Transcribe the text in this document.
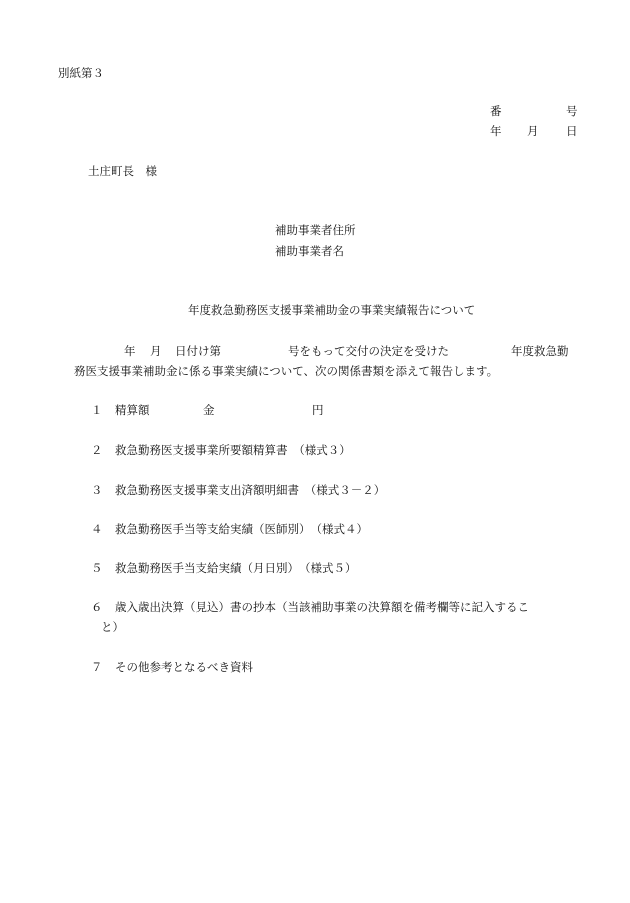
別紙第３
番	号
年 月 日
土庄町長　様
補助事業者住所
補助事業者名
年度救急勤務医支援事業補助金の事業実績報告について
年 月 日付け第	号をもって交付の決定を受けた	年度救急勤
務医支援事業補助金に係る事業実績について、次の関係書類を添えて報告します。
１ 精算額	金	円
２ 救急勤務医支援事業所要額精算書　（様式３）
３ 救急勤務医支援事業支出済額明細書　（様式３－２）
４ 救急勤務医手当等支給実績（医師別）　（様式４）
５ 救急勤務医手当支給実績（月日別）　（様式５）
６ 歳入歳出決算（見込）書の抄本（当該補助事業の決算額を備考欄等に記入するこ
と）
７ その他参考となるべき資料
